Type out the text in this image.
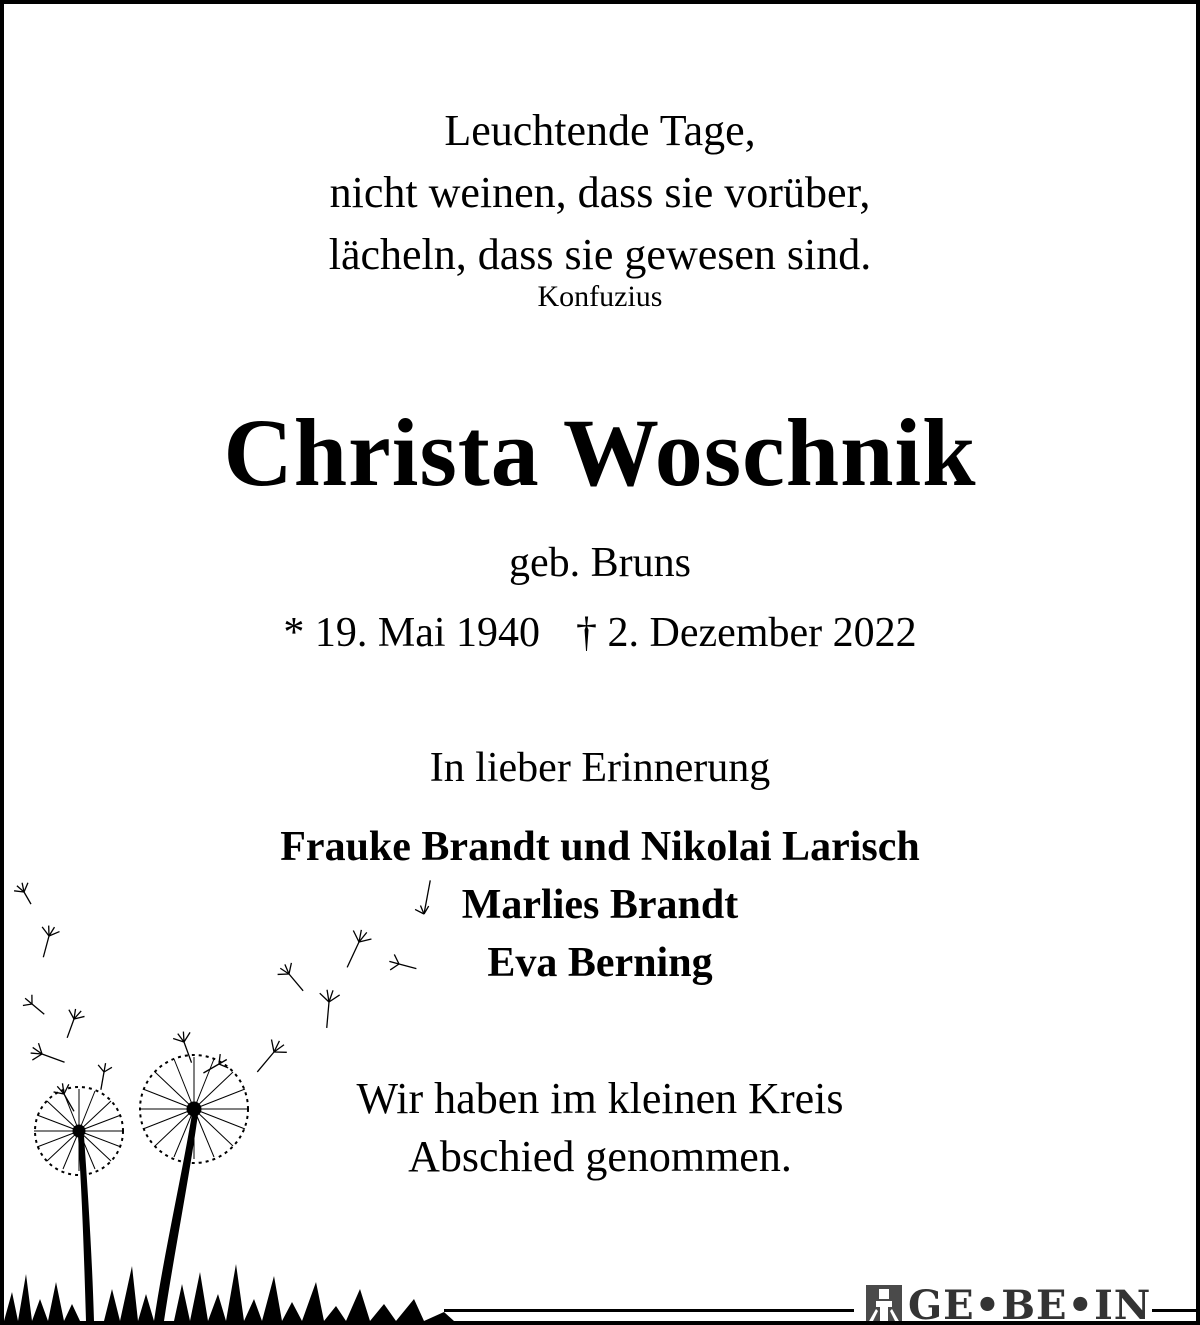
Leuchtende Tage,
nicht weinen, dass sie vorüber,
lächeln, dass sie gewesen sind.
Konfuzius
Christa Woschnik
geb. Bruns
* 19. Mai 1940 † 2. Dezember 2022
In lieber Erinnerung
Frauke Brandt und Nikolai Larisch
Marlies Brandt
Eva Berning
Wir haben im kleinen Kreis
Abschied genommen.
GE•BE•IN
